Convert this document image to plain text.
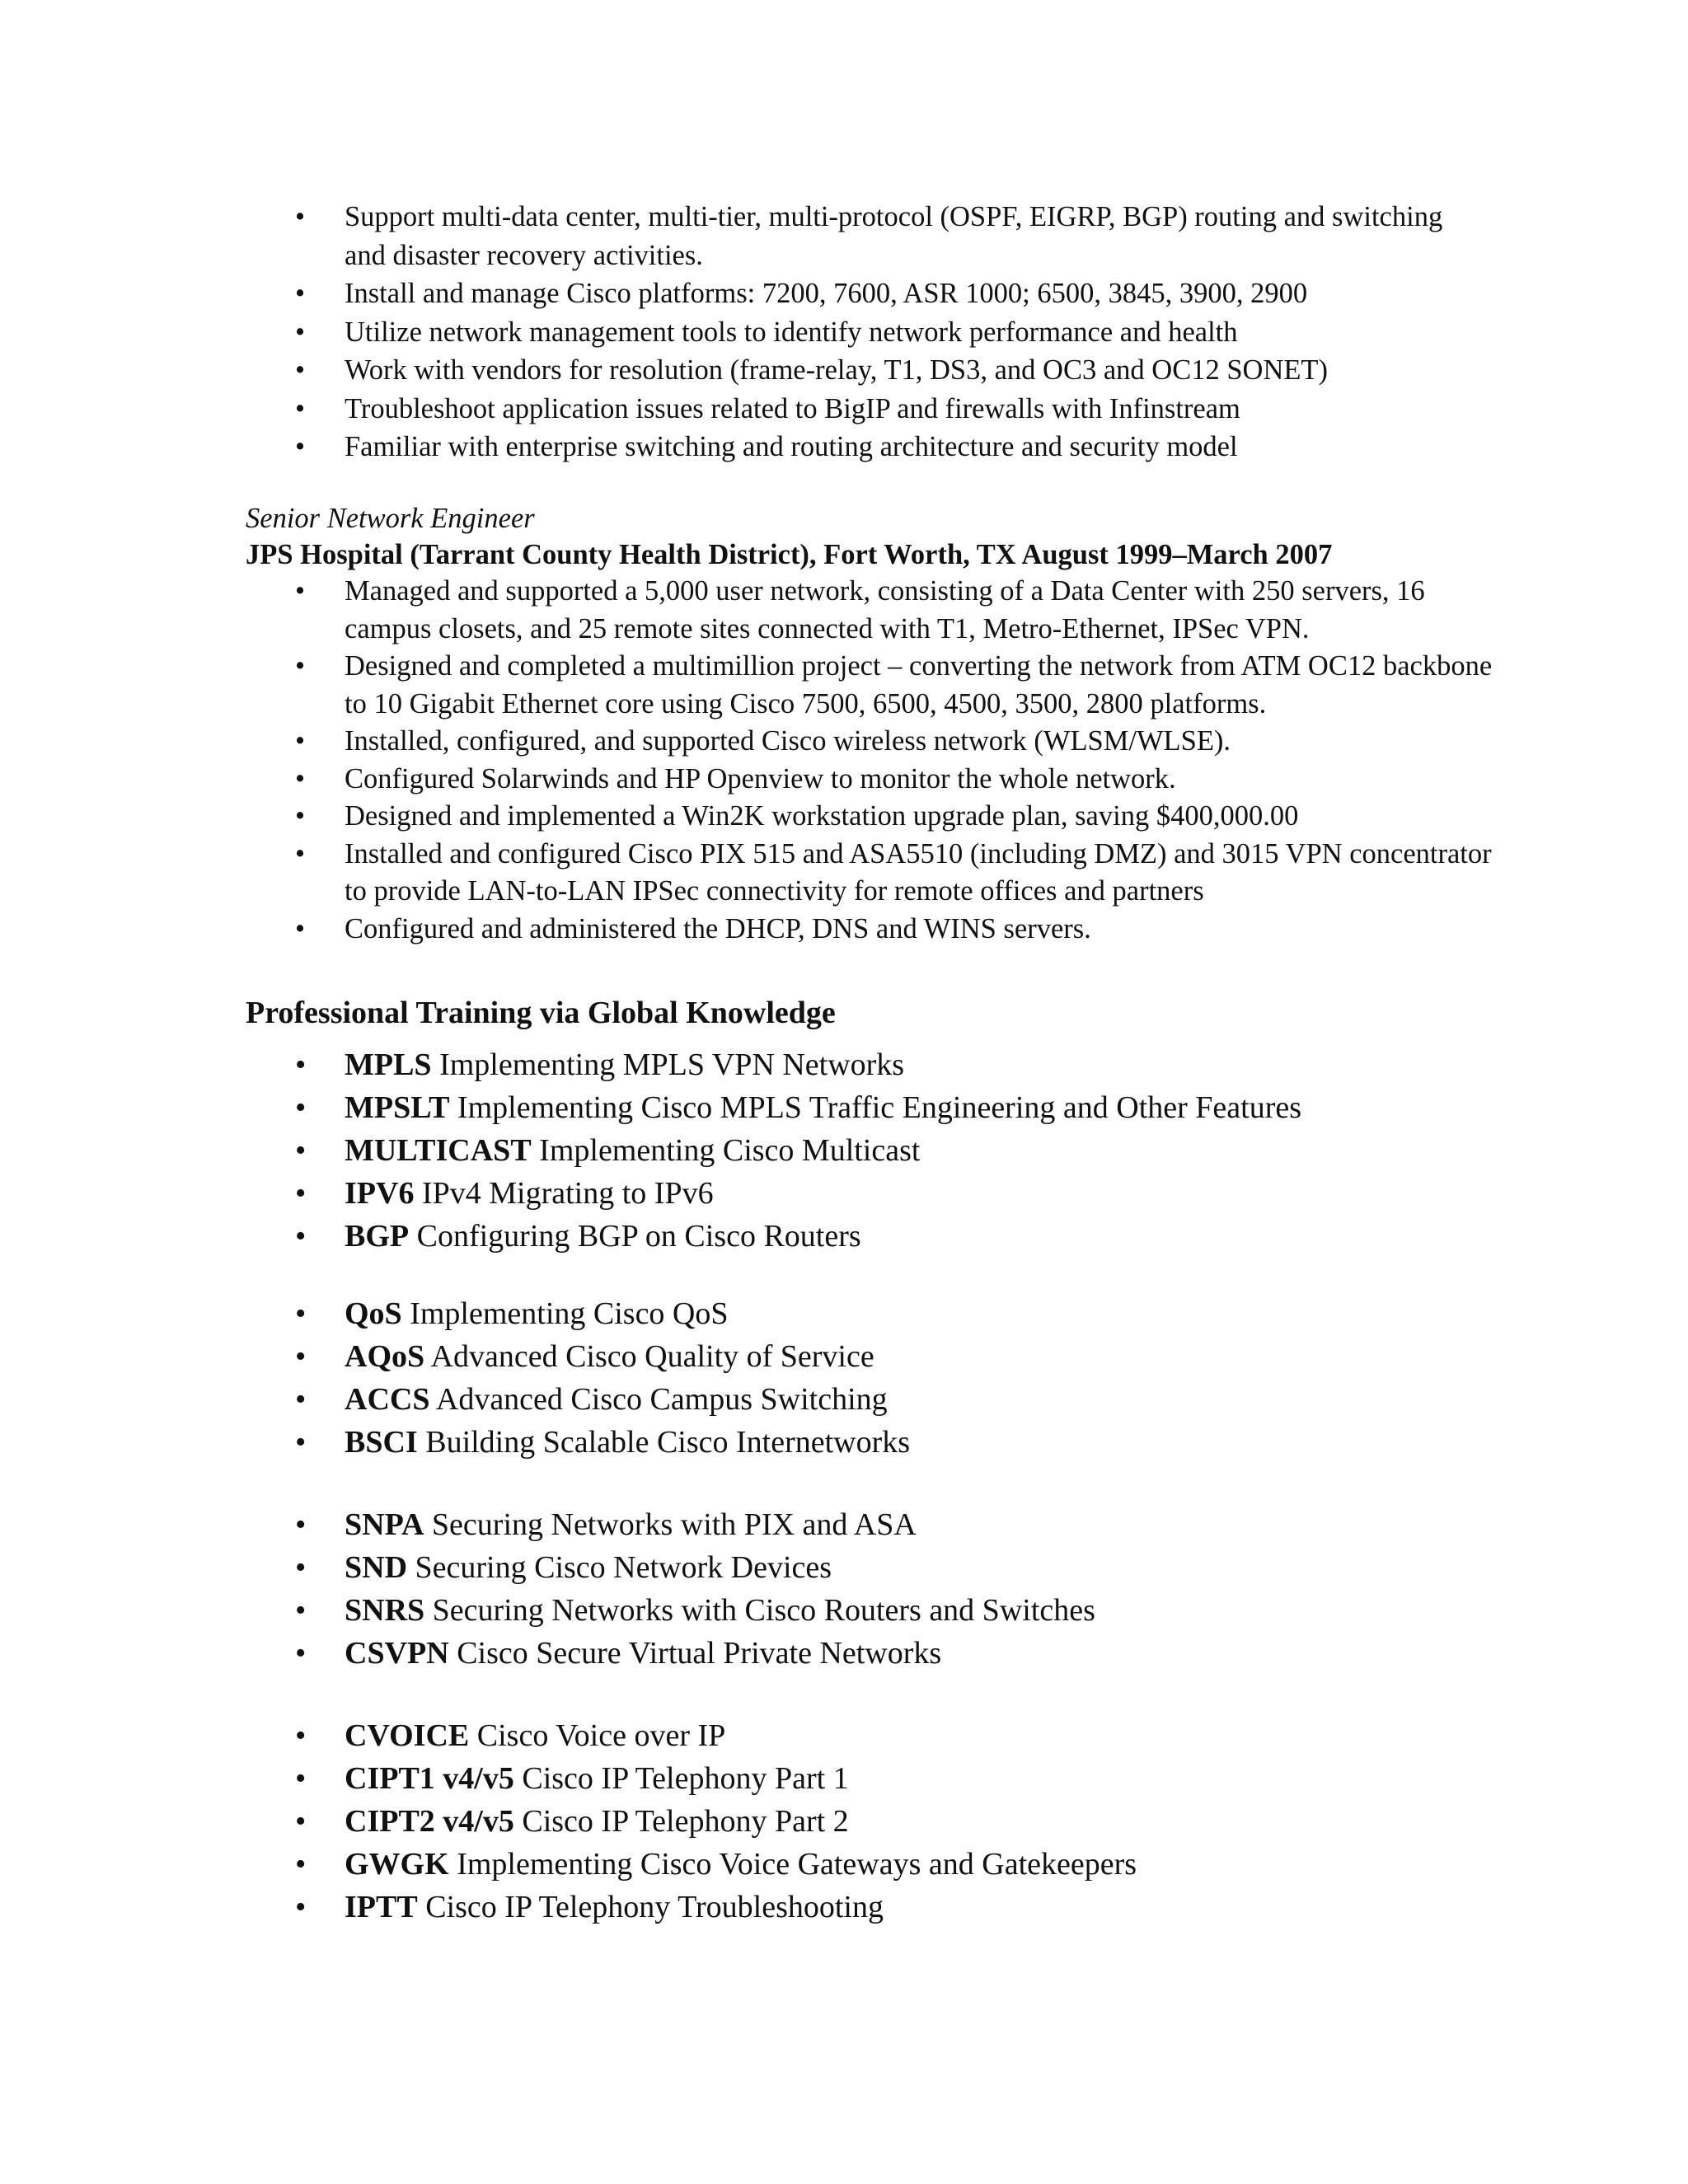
• Support multi-data center, multi-tier, multi-protocol (OSPF, EIGRP, BGP) routing and switching and disaster recovery activities.
• Install and manage Cisco platforms: 7200, 7600, ASR 1000; 6500, 3845, 3900, 2900
• Utilize network management tools to identify network performance and health
• Work with vendors for resolution (frame-relay, T1, DS3, and OC3 and OC12 SONET)
• Troubleshoot application issues related to BigIP and firewalls with Infinstream
• Familiar with enterprise switching and routing architecture and security model
Senior Network Engineer
JPS Hospital (Tarrant County Health District), Fort Worth, TX August 1999–March 2007
• Managed and supported a 5,000 user network, consisting of a Data Center with 250 servers, 16 campus closets, and 25 remote sites connected with T1, Metro-Ethernet, IPSec VPN.
• Designed and completed a multimillion project – converting the network from ATM OC12 backbone to 10 Gigabit Ethernet core using Cisco 7500, 6500, 4500, 3500, 2800 platforms.
• Installed, configured, and supported Cisco wireless network (WLSM/WLSE).
• Configured Solarwinds and HP Openview to monitor the whole network.
• Designed and implemented a Win2K workstation upgrade plan, saving $400,000.00
• Installed and configured Cisco PIX 515 and ASA5510 (including DMZ) and 3015 VPN concentrator to provide LAN-to-LAN IPSec connectivity for remote offices and partners
• Configured and administered the DHCP, DNS and WINS servers.
Professional Training via Global Knowledge
• MPLS Implementing MPLS VPN Networks
• MPSLT Implementing Cisco MPLS Traffic Engineering and Other Features
• MULTICAST Implementing Cisco Multicast
• IPV6 IPv4 Migrating to IPv6
• BGP Configuring BGP on Cisco Routers
• QoS Implementing Cisco QoS
• AQoS Advanced Cisco Quality of Service
• ACCS Advanced Cisco Campus Switching
• BSCI Building Scalable Cisco Internetworks
• SNPA Securing Networks with PIX and ASA
• SND Securing Cisco Network Devices
• SNRS Securing Networks with Cisco Routers and Switches
• CSVPN Cisco Secure Virtual Private Networks
• CVOICE Cisco Voice over IP
• CIPT1 v4/v5 Cisco IP Telephony Part 1
• CIPT2 v4/v5 Cisco IP Telephony Part 2
• GWGK Implementing Cisco Voice Gateways and Gatekeepers
• IPTT Cisco IP Telephony Troubleshooting
